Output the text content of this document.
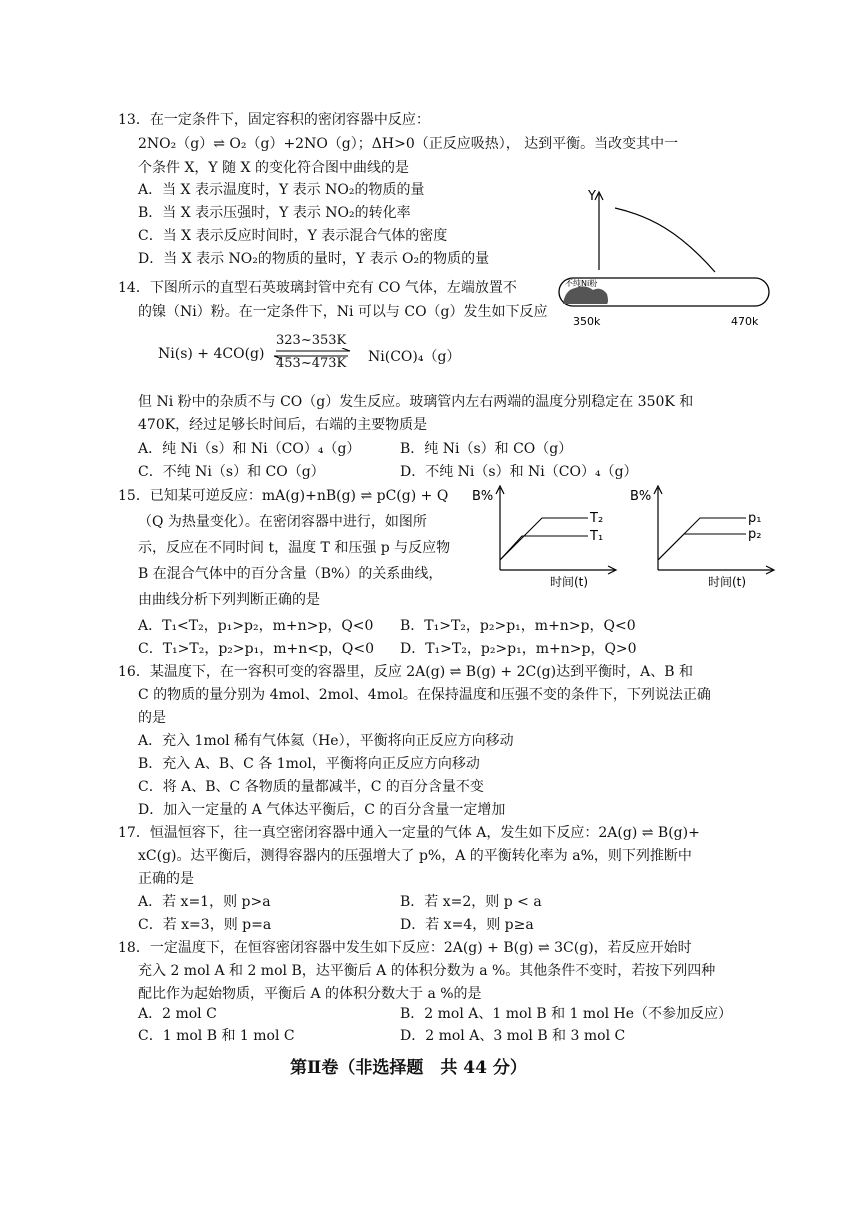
13．在一定条件下，固定容积的密闭容器中反应：
2NO₂（g）⇌ O₂（g）+2NO（g）；ΔH>0（正反应吸热）， 达到平衡。当改变其中一
个条件 X，Y 随 X 的变化符合图中曲线的是
A．当 X 表示温度时，Y 表示 NO₂的物质的量
B．当 X 表示压强时，Y 表示 NO₂的转化率
C．当 X 表示反应时间时，Y 表示混合气体的密度
D．当 X 表示 NO₂的物质的量时，Y 表示 O₂的物质的量
Y
14．下图所示的直型石英玻璃封管中充有 CO 气体，左端放置不
的镍（Ni）粉。在一定条件下，Ni 可以与 CO（g）发生如下反应
不纯Ni粉
350k	470k
Ni(s) + 4CO(g)
323~353K
453~473K Ni(CO)₄（g）
但 Ni 粉中的杂质不与 CO（g）发生反应。玻璃管内左右两端的温度分别稳定在 350K 和
470K，经过足够长时间后，右端的主要物质是
A．纯 Ni（s）和 Ni（CO）₄（g）	B．纯 Ni（s）和 CO（g）
C．不纯 Ni（s）和 CO（g）	D．不纯 Ni（s）和 Ni（CO）₄（g）
15．已知某可逆反应：mA(g)+nB(g) ⇌ pC(g) + Q
（Q 为热量变化）。在密闭容器中进行，如图所
示，反应在不同时间 t，温度 T 和压强 p 与反应物
B 在混合气体中的百分含量（B%）的关系曲线，
由曲线分析下列判断正确的是
B%
T₂
T₁
时间(t)
B%
p₁
p₂
时间(t)
A．T₁<T₂，p₁>p₂，m+n>p，Q<0 B．T₁>T₂，p₂>p₁，m+n>p，Q<0
C．T₁>T₂，p₂>p₁，m+n<p，Q<0 D．T₁>T₂，p₂>p₁，m+n>p，Q>0
16．某温度下，在一容积可变的容器里，反应 2A(g) ⇌ B(g) + 2C(g)达到平衡时，A、B 和
C 的物质的量分别为 4mol、2mol、4mol。在保持温度和压强不变的条件下，下列说法正确
的是
A．充入 1mol 稀有气体氦（He），平衡将向正反应方向移动
B．充入 A、B、C 各 1mol，平衡将向正反应方向移动
C．将 A、B、C 各物质的量都减半，C 的百分含量不变
D．加入一定量的 A 气体达平衡后，C 的百分含量一定增加
17．恒温恒容下，往一真空密闭容器中通入一定量的气体 A，发生如下反应：2A(g) ⇌ B(g)+
xC(g)。达平衡后，测得容器内的压强增大了 p%，A 的平衡转化率为 a%，则下列推断中
正确的是
A．若 x=1，则 p>a	B．若 x=2，则 p < a
C．若 x=3，则 p=a	D．若 x=4，则 p≥a
18．一定温度下，在恒容密闭容器中发生如下反应：2A(g) + B(g) ⇌ 3C(g)，若反应开始时
充入 2 mol A 和 2 mol B，达平衡后 A 的体积分数为 a %。其他条件不变时，若按下列四种
配比作为起始物质，平衡后 A 的体积分数大于 a %的是
A．2 mol C	B．2 mol A、1 mol B 和 1 mol He（不参加反应）
C．1 mol B 和 1 mol C	D．2 mol A、3 mol B 和 3 mol C
第Ⅱ卷（非选择题　共 44 分）
